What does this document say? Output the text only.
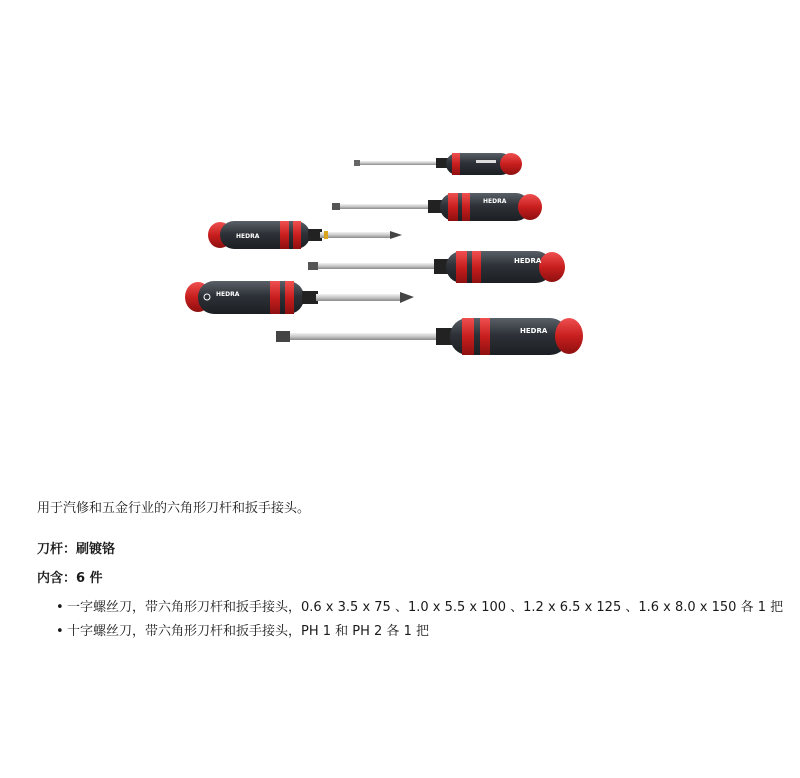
HEDRA
HEDRA
HEDRA
HEDRA
HEDRA
用于汽修和五金行业的六角形刀杆和扳手接头。
刀杆：刷镀铬
内含：6 件
• 一字螺丝刀，带六角形刀杆和扳手接头，0.6 x 3.5 x 75 、1.0 x 5.5 x 100 、1.2 x 6.5 x 125 、1.6 x 8.0 x 150 各 1 把
• 十字螺丝刀，带六角形刀杆和扳手接头，PH 1 和 PH 2 各 1 把
